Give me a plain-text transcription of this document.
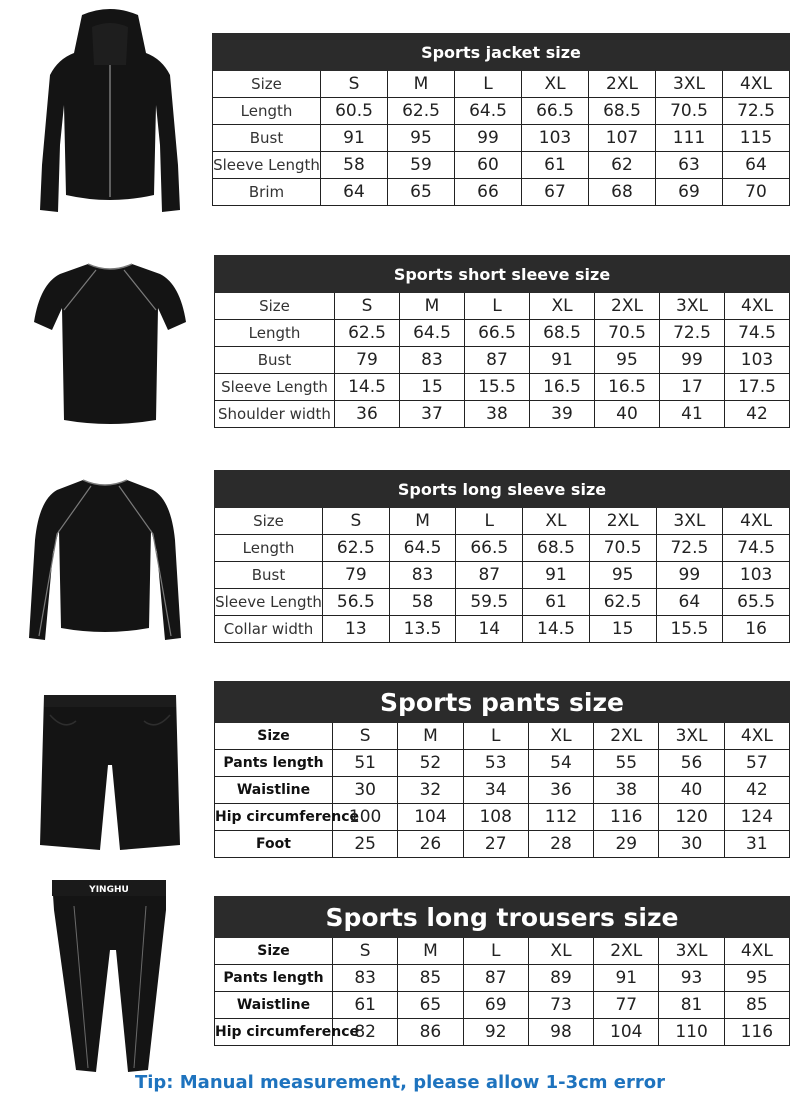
YINGHU
Sports jacket size							
Size	S	M	L	XL	2XL	3XL	4XL
Length	60.5	62.5	64.5	66.5	68.5	70.5	72.5
Bust	91	95	99	103	107	111	115
Sleeve Length	58	59	60	61	62	63	64
Brim	64	65	66	67	68	69	70
Sports short sleeve size							
Size	S	M	L	XL	2XL	3XL	4XL
Length	62.5	64.5	66.5	68.5	70.5	72.5	74.5
Bust	79	83	87	91	95	99	103
Sleeve Length	14.5	15	15.5	16.5	16.5	17	17.5
Shoulder width	36	37	38	39	40	41	42
Sports long sleeve size							
Size	S	M	L	XL	2XL	3XL	4XL
Length	62.5	64.5	66.5	68.5	70.5	72.5	74.5
Bust	79	83	87	91	95	99	103
Sleeve Length	56.5	58	59.5	61	62.5	64	65.5
Collar width	13	13.5	14	14.5	15	15.5	16
Sports pants size							
Size	S	M	L	XL	2XL	3XL	4XL
Pants length	51	52	53	54	55	56	57
Waistline	30	32	34	36	38	40	42
Hip circumference	100	104	108	112	116	120	124
Foot	25	26	27	28	29	30	31
Sports long trousers size							
Size	S	M	L	XL	2XL	3XL	4XL
Pants length	83	85	87	89	91	93	95
Waistline	61	65	69	73	77	81	85
Hip circumference	82	86	92	98	104	110	116
Tip: Manual measurement, please allow 1-3cm error
